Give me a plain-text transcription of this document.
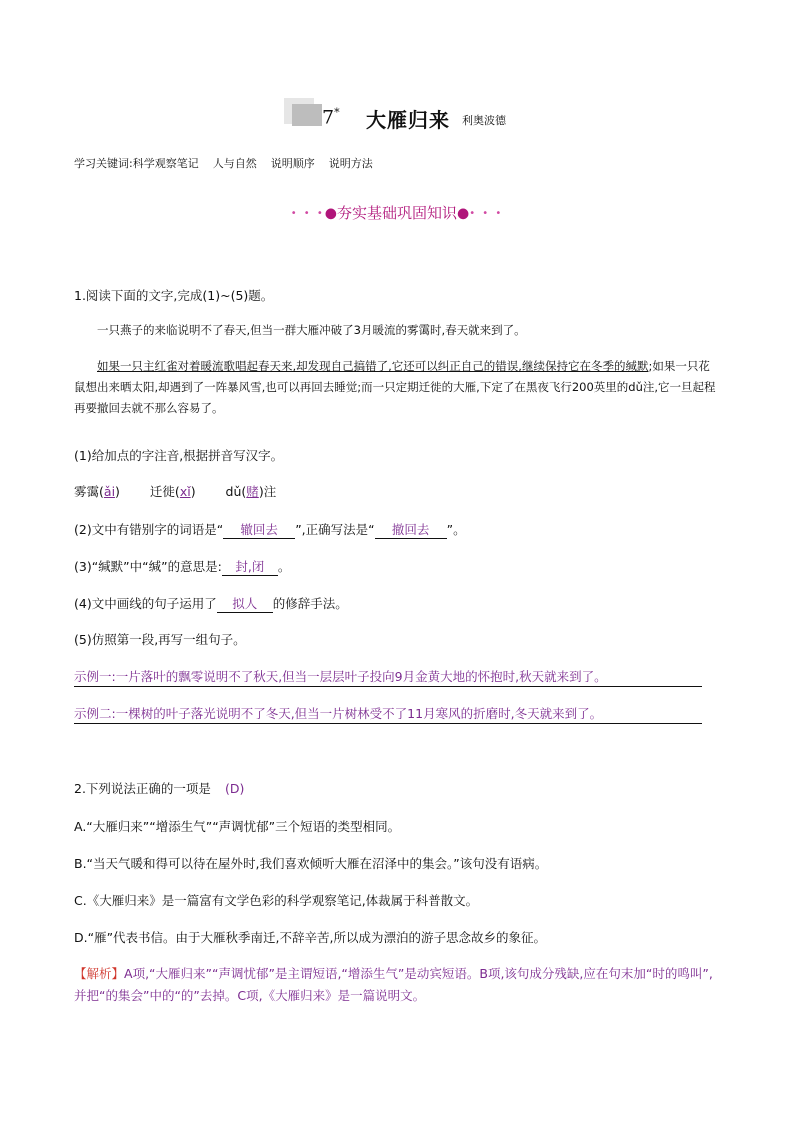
7* 大雁归来 利奥波德
学习关键词:科学观察笔记 人与自然 说明顺序 说明方法
• • •●夯实基础巩固知识●• • •
1.阅读下面的文字,完成(1)~(5)题。
一只燕子的来临说明不了春天,但当一群大雁冲破了3月暖流的雾霭时,春天就来到了。
如果一只主红雀对着暖流歌唱起春天来,却发现自己搞错了,它还可以纠正自己的错误,继续保持它在冬季的缄默;如果一只花鼠想出来晒太阳,却遇到了一阵暴风雪,也可以再回去睡觉;而一只定期迁徙的大雁,下定了在黑夜飞行200英里的dǔ注,它一旦起程再要撤回去就不那么容易了。
(1)给加点的字注音,根据拼音写汉字。
雾霭(ǎi) 迁徙(xǐ) dǔ(赌)注
(2)文中有错别字的词语是“ 辙回去 ”,正确写法是“ 撤回去 ”。
(3)“缄默”中“缄”的意思是: 封,闭 。
(4)文中画线的句子运用了 拟人 的修辞手法。
(5)仿照第一段,再写一组句子。
示例一:一片落叶的飘零说明不了秋天,但当一层层叶子投向9月金黄大地的怀抱时,秋天就来到了。
示例二:一棵树的叶子落光说明不了冬天,但当一片树林受不了11月寒风的折磨时,冬天就来到了。
2.下列说法正确的一项是 (D)
A.“大雁归来”“增添生气”“声调忧郁”三个短语的类型相同。
B.“当天气暖和得可以待在屋外时,我们喜欢倾听大雁在沼泽中的集会。”该句没有语病。
C.《大雁归来》是一篇富有文学色彩的科学观察笔记,体裁属于科普散文。
D.“雁”代表书信。由于大雁秋季南迁,不辞辛苦,所以成为漂泊的游子思念故乡的象征。
【解析】A项,“大雁归来”“声调忧郁”是主谓短语,“增添生气”是动宾短语。B项,该句成分残缺,应在句末加“时的鸣叫”,并把“的集会”中的“的”去掉。C项,《大雁归来》是一篇说明文。
